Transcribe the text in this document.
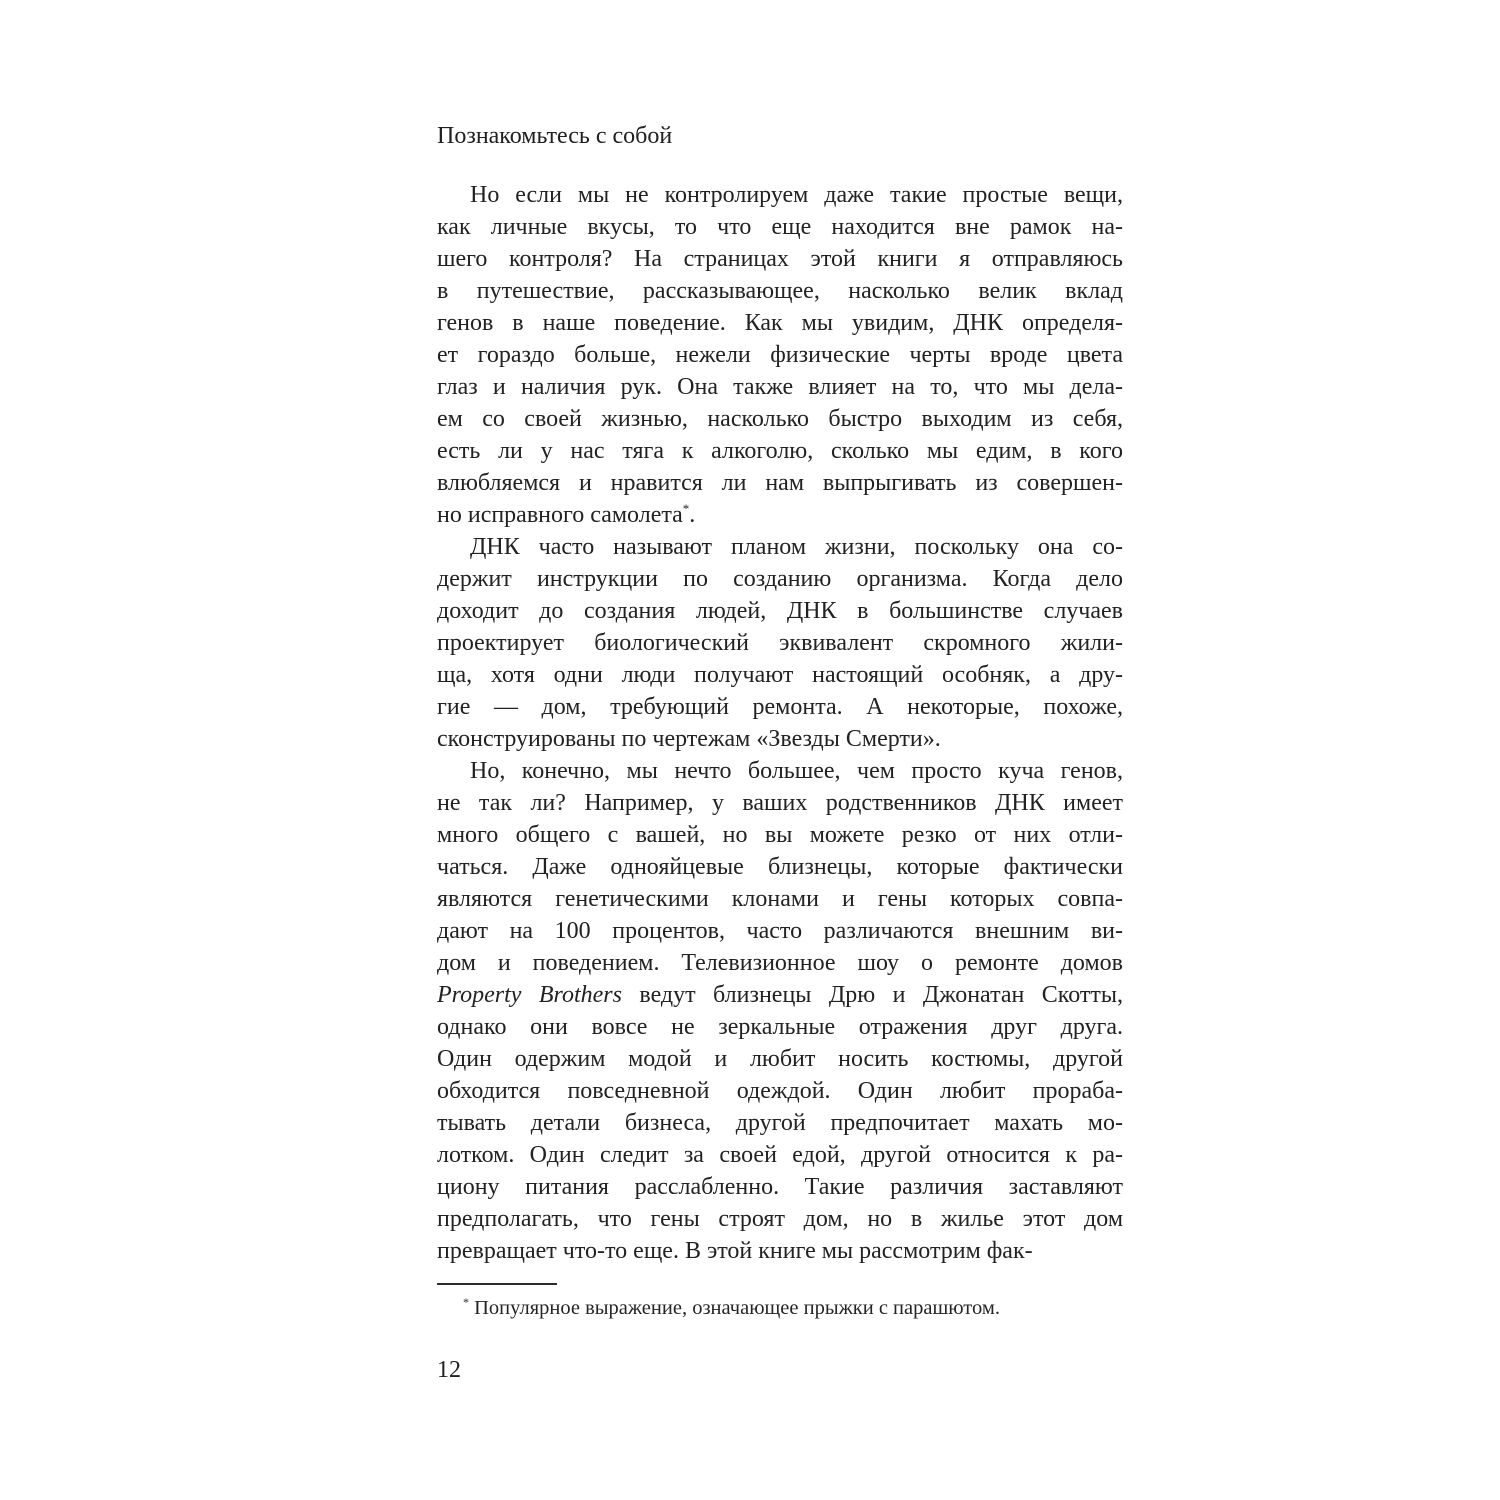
Познакомьтесь с собой
Но если мы не контролируем даже такие простые вещи,
как личные вкусы, то что еще находится вне рамок на-
шего контроля? На страницах этой книги я отправляюсь
в путешествие, рассказывающее, насколько велик вклад
генов в наше поведение. Как мы увидим, ДНК определя-
ет гораздо больше, нежели физические черты вроде цвета
глаз и наличия рук. Она также влияет на то, что мы дела-
ем со своей жизнью, насколько быстро выходим из себя,
есть ли у нас тяга к алкоголю, сколько мы едим, в кого
влюбляемся и нравится ли нам выпрыгивать из совершен-
но исправного самолета*.
ДНК часто называют планом жизни, поскольку она со-
держит инструкции по созданию организма. Когда дело
доходит до создания людей, ДНК в большинстве случаев
проектирует биологический эквивалент скромного жили-
ща, хотя одни люди получают настоящий особняк, а дру-
гие — дом, требующий ремонта. А некоторые, похоже,
сконструированы по чертежам «Звезды Смерти».
Но, конечно, мы нечто большее, чем просто куча генов,
не так ли? Например, у ваших родственников ДНК имеет
много общего с вашей, но вы можете резко от них отли-
чаться. Даже однояйцевые близнецы, которые фактически
являются генетическими клонами и гены которых совпа-
дают на 100 процентов, часто различаются внешним ви-
дом и поведением. Телевизионное шоу о ремонте домов
Property Brothers ведут близнецы Дрю и Джонатан Скотты,
однако они вовсе не зеркальные отражения друг друга.
Один одержим модой и любит носить костюмы, другой
обходится повседневной одеждой. Один любит прораба-
тывать детали бизнеса, другой предпочитает махать мо-
лотком. Один следит за своей едой, другой относится к ра-
циону питания расслабленно. Такие различия заставляют
предполагать, что гены строят дом, но в жилье этот дом
превращает что-то еще. В этой книге мы рассмотрим фак-
* Популярное выражение, означающее прыжки с парашютом.
12
